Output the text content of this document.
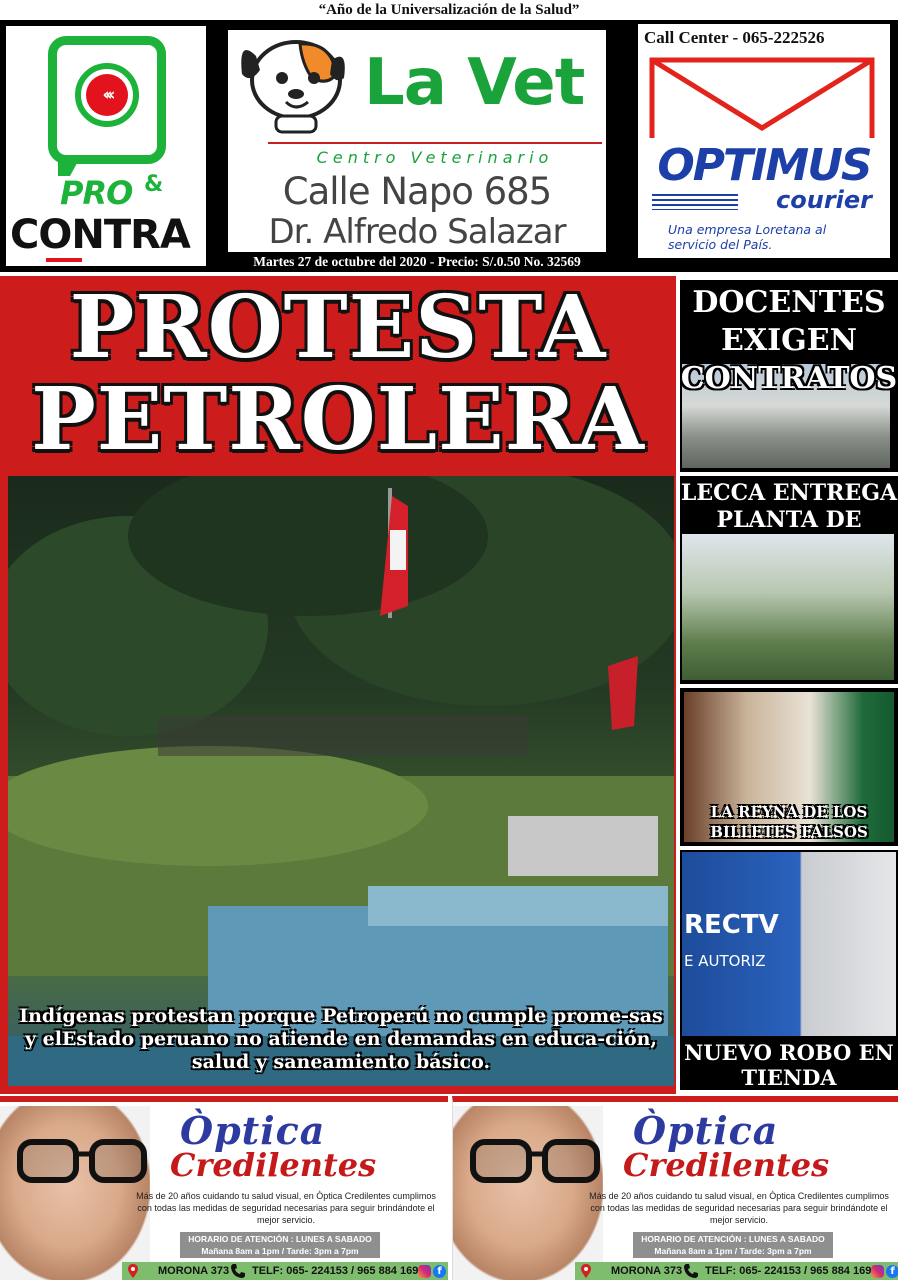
“Año de la Universalización de la Salud”
‹‹‹
PRO &
CONTRA
La Vet
Centro Veterinario
Calle Napo 685
Dr. Alfredo Salazar
Martes 27 de octubre del 2020 - Precio: S/.0.50 No. 32569
Call Center - 065-222526
OPTIMUS
courier
Una empresa Loretana al servicio del País.
PROTESTA
PETROLERA
Indígenas protestan porque Petroperú no cumple prome-sas y elEstado peruano no atiende en demandas en educa-ción, salud y saneamiento básico.
DOCENTES EXIGEN CONTRATOS
LECCA ENTREGA PLANTA DE
LA REYNA DE LOS BILLETES FALSOS
RECTV
E AUTORIZ
NUEVO ROBO EN TIENDA
Òptica
Credilentes
Más de 20 años cuidando tu salud visual, en Òptica Credilentes cumplimos con todas las medidas de seguridad necesarias para seguir brindándote el mejor servicio.
HORARIO DE ATENCIÓN : LUNES A SABADO
Mañana 8am a 1pm / Tarde: 3pm a 7pm
MORONA 373 TELF: 065- 224153 / 965 884 169	f
Òptica
Credilentes
Más de 20 años cuidando tu salud visual, en Òptica Credilentes cumplimos con todas las medidas de seguridad necesarias para seguir brindándote el mejor servicio.
HORARIO DE ATENCIÓN : LUNES A SABADO
Mañana 8am a 1pm / Tarde: 3pm a 7pm
MORONA 373 TELF: 065- 224153 / 965 884 169	f
